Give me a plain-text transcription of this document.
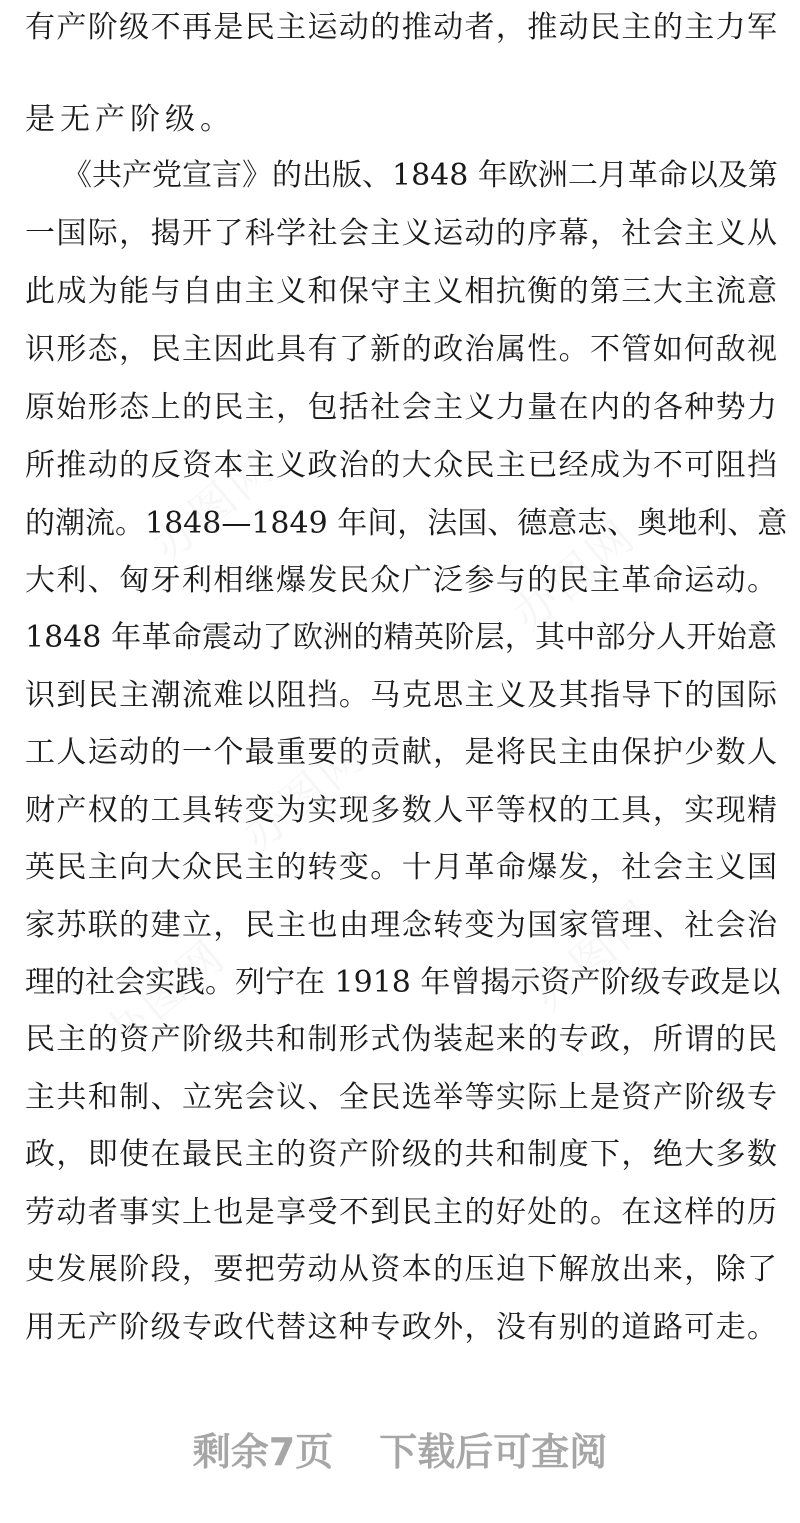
有产阶级不再是民主运动的推动者，推动民主的主力军
是无产阶级。
《共产党宣言》的出版、1848 年欧洲二月革命以及第
一国际，揭开了科学社会主义运动的序幕，社会主义从
此成为能与自由主义和保守主义相抗衡的第三大主流意
识形态，民主因此具有了新的政治属性。不管如何敌视
原始形态上的民主，包括社会主义力量在内的各种势力
所推动的反资本主义政治的大众民主已经成为不可阻挡
的潮流。1848—1849 年间，法国、德意志、奥地利、意
大利、匈牙利相继爆发民众广泛参与的民主革命运动。
1848 年革命震动了欧洲的精英阶层，其中部分人开始意
识到民主潮流难以阻挡。马克思主义及其指导下的国际
工人运动的一个最重要的贡献，是将民主由保护少数人
财产权的工具转变为实现多数人平等权的工具，实现精
英民主向大众民主的转变。十月革命爆发，社会主义国
家苏联的建立，民主也由理念转变为国家管理、社会治
理的社会实践。列宁在 1918 年曾揭示资产阶级专政是以
民主的资产阶级共和制形式伪装起来的专政，所谓的民
主共和制、立宪会议、全民选举等实际上是资产阶级专
政，即使在最民主的资产阶级的共和制度下，绝大多数
劳动者事实上也是享受不到民主的好处的。在这样的历
史发展阶段，要把劳动从资本的压迫下解放出来，除了
用无产阶级专政代替这种专政外，没有别的道路可走。
剩余7页 下载后可查阅
